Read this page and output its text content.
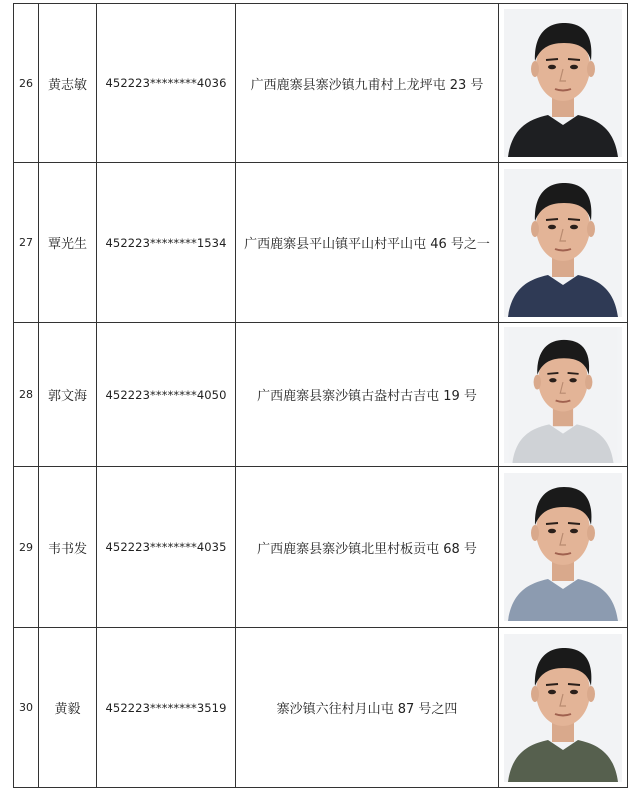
26	黄志敏	452223********4036	广西鹿寨县寨沙镇九甫村上龙坪屯 23 号	

27	覃光生	452223********1534	广西鹿寨县平山镇平山村平山屯 46 号之一	

28	郭文海	452223********4050	广西鹿寨县寨沙镇古盎村古吉屯 19 号	

29	韦书发	452223********4035	广西鹿寨县寨沙镇北里村板贡屯 68 号	

30	黄毅	452223********3519	寨沙镇六往村月山屯 87 号之四	
